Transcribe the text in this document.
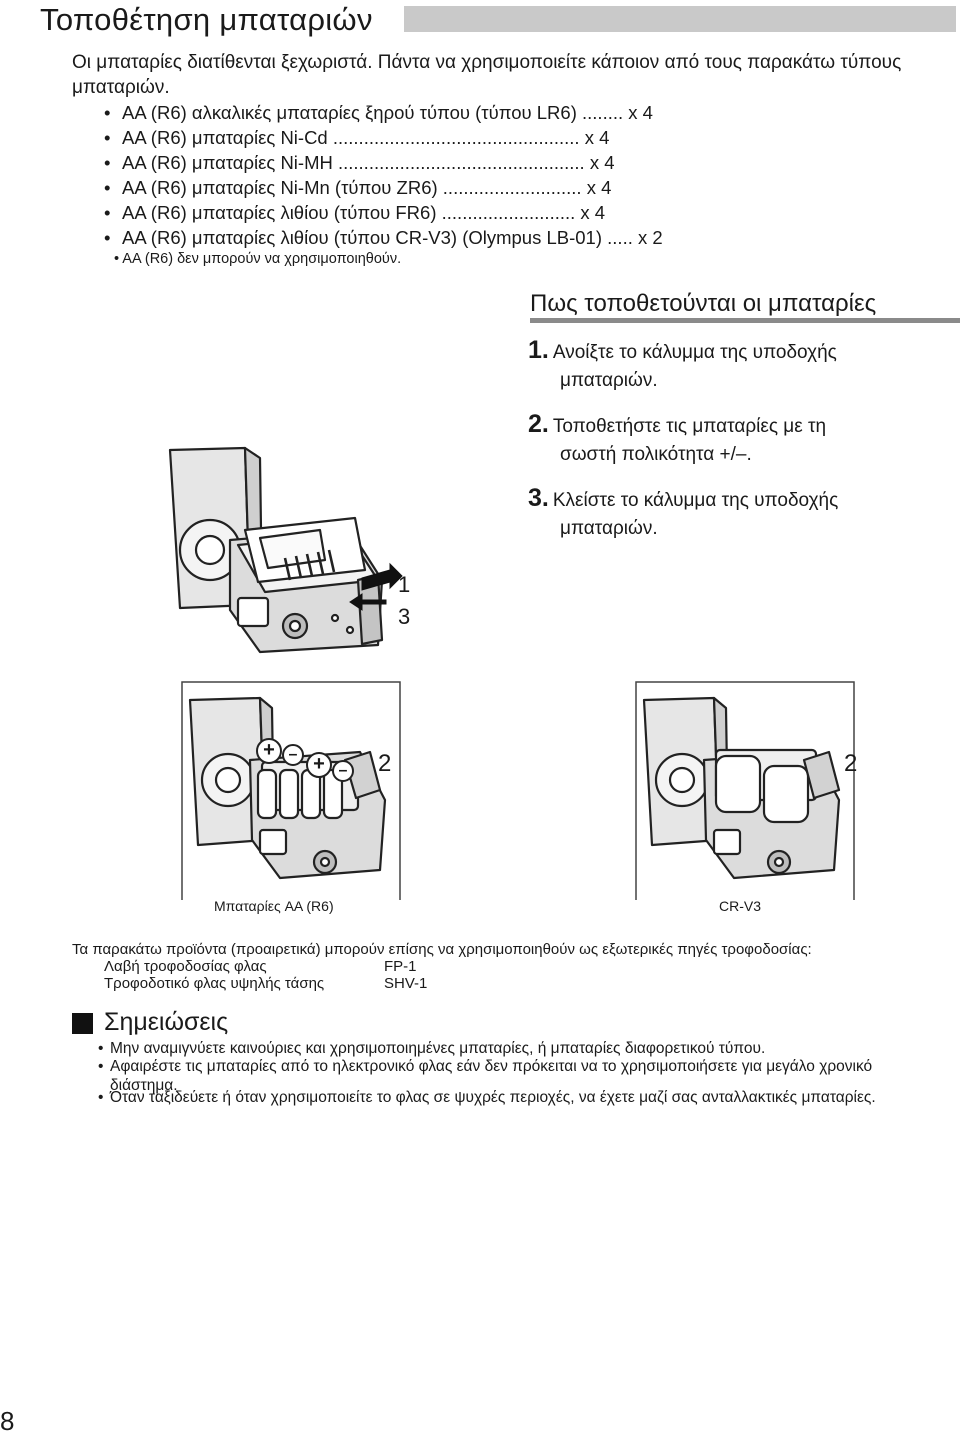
Τοποθέτηση μπαταριών
Οι μπαταρίες διατίθενται ξεχωριστά. Πάντα να χρησιμοποιείτε κάποιον από τους παρακάτω τύπους μπαταριών.
• AA (R6) αλκαλικές μπαταρίες ξηρού τύπου (τύπου LR6) ........ x 4
• AA (R6) μπαταρίες Ni-Cd ................................................ x 4
• AA (R6) μπαταρίες Ni-MH ................................................ x 4
• AA (R6) μπαταρίες Ni-Mn (τύπου ZR6) ........................... x 4
• AA (R6) μπαταρίες λιθίου (τύπου FR6) .......................... x 4
• AA (R6) μπαταρίες λιθίου (τύπου CR-V3) (Olympus LB-01) ..... x 2
• AA (R6) δεν μπορούν να χρησιμοποιηθούν.
Πως τοποθετούνται οι μπαταρίες
1. Ανοίξτε το κάλυμμα της υποδοχής
μπαταριών.
2. Τοποθετήστε τις μπαταρίες με τη
σωστή πολικότητα +/–.
3. Κλείστε το κάλυμμα της υποδοχής
μπαταριών.
1
3
+ – + – 2
Μπαταρίες AA (R6)
2
CR-V3
Τα παρακάτω προϊόντα (προαιρετικά) μπορούν επίσης να χρησιμοποιηθούν ως εξωτερικές πηγές τροφοδοσίας:
Λαβή τροφοδοσίας φλας	FP-1
Τροφοδοτικό φλας υψηλής τάσης	SHV-1
Σημειώσεις
• Μην αναμιγνύετε καινούριες και χρησιμοποιημένες μπαταρίες, ή μπαταρίες διαφορετικού τύπου.
• Αφαιρέστε τις μπαταρίες από το ηλεκτρονικό φλας εάν δεν πρόκειται να το χρησιμοποιήσετε για μεγάλο χρονικό διάστημα.
• Όταν ταξιδεύετε ή όταν χρησιμοποιείτε το φλας σε ψυχρές περιοχές, να έχετε μαζί σας ανταλλακτικές μπαταρίες.
8
